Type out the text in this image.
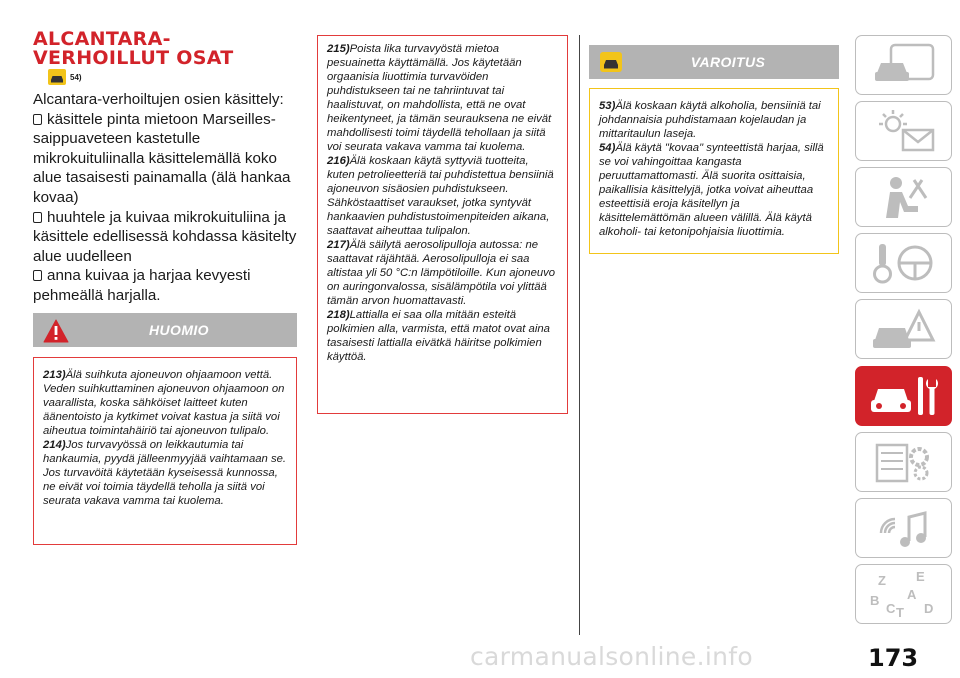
ALCANTARA-VERHOILLUT OSAT
54)

Alcantara-verhoiltujen osien käsittely:

käsittele pinta mietoon Marseilles-saippuaveteen kastetulle mikrokuituliinalla käsittelemällä koko alue tasaisesti painamalla (älä hankaa kovaa)

huuhtele ja kuivaa mikrokuituliina ja käsittele edellisessä kohdassa käsitelty alue uudelleen

anna kuivaa ja harjaa kevyesti pehmeällä harjalla.

HUOMIO

213)Älä suihkuta ajoneuvon ohjaamoon vettä. Veden suihkuttaminen ajoneuvon ohjaamoon on vaarallista, koska sähköiset laitteet kuten äänentoisto ja kytkimet voivat kastua ja siitä voi aiheutua toimintahäiriö tai ajoneuvon tulipalo.

214)Jos turvavyössä on leikkautumia tai hankaumia, pyydä jälleenmyyjää vaihtamaan se. Jos turvavöitä käytetään kyseisessä kunnossa, ne eivät voi toimia täydellä teholla ja siitä voi seurata vakava vamma tai kuolema.

215)Poista lika turvavyöstä mietoa pesuainetta käyttämällä. Jos käytetään orgaanisia liuottimia turvavöiden puhdistukseen tai ne tahriintuvat tai haalistuvat, on mahdollista, että ne ovat heikentyneet, ja tämän seurauksena ne eivät mahdollisesti toimi täydellä tehollaan ja siitä voi seurata vakava vamma tai kuolema.

216)Älä koskaan käytä syttyviä tuotteita, kuten petrolieetteriä tai puhdistettua bensiiniä ajoneuvon sisäosien puhdistukseen. Sähköstaattiset varaukset, jotka syntyvät hankaavien puhdistustoimenpiteiden aikana, saattavat aiheuttaa tulipalon.

217)Älä säilytä aerosolipulloja autossa: ne saattavat räjähtää. Aerosolipulloja ei saa altistaa yli 50 °C:n lämpötiloille. Kun ajoneuvo on auringonvalossa, sisälämpötila voi ylittää tämän arvon huomattavasti.

218)Lattialla ei saa olla mitään esteitä polkimien alla, varmista, että matot ovat aina tasaisesti lattialla eivätkä häiritse polkimien käyttöä.

VAROITUS

53)Älä koskaan käytä alkoholia, bensiiniä tai johdannaisia puhdistamaan kojelaudan ja mittaritaulun laseja.

54)Älä käytä "kovaa" synteettistä harjaa, sillä se voi vahingoittaa kangasta peruuttamattomasti. Älä suorita osittaisia, paikallisia käsittelyjä, jotka voivat aiheuttaa esteettisiä eroja käsitellyn ja käsittelemättömän alueen välillä. Älä käytä alkoholi- tai ketonipohjaisia liuottimia.

Z E
A
B
C T D
carmanualsonline.info	173
